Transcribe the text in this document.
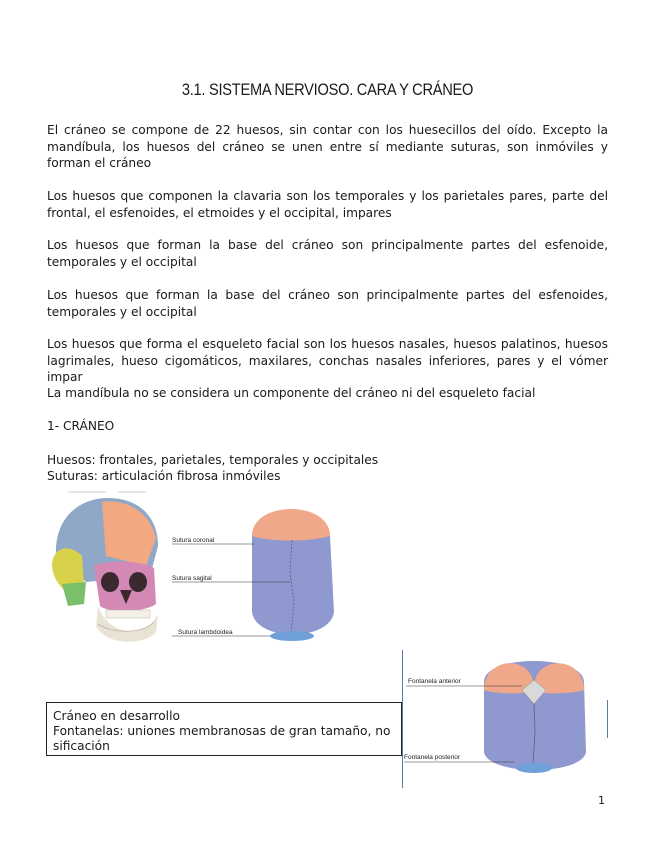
3.1. SISTEMA NERVIOSO. CARA Y CRÁNEO
El cráneo se compone de 22 huesos, sin contar con los huesecillos del oído. Excepto la mandíbula, los huesos del cráneo se unen entre sí mediante suturas, son inmóviles y forman el cráneo
Los huesos que componen la clavaria son los temporales y los parietales pares, parte del frontal, el esfenoides, el etmoides y el occipital, impares
Los huesos que forman la base del cráneo son principalmente partes del esfenoide, temporales y el occipital
Los huesos que forman la base del cráneo son principalmente partes del esfenoides, temporales y el occipital
Los huesos que forma el esqueleto facial son los huesos nasales, huesos palatinos, huesos lagrimales, hueso cigomáticos, maxilares, conchas nasales inferiores, pares y el vómer impar
La mandíbula no se considera un componente del cráneo ni del esqueleto facial
1- CRÁNEO
Huesos: frontales, parietales, temporales y occipitales
Suturas: articulación fibrosa inmóviles
Sutura coronal
Sutura sagital
Sutura lambdoidea
Fontanela anterior
Fontanela posterior
Cráneo en desarrollo
Fontanelas: uniones membranosas de gran tamaño, no sificación
1
